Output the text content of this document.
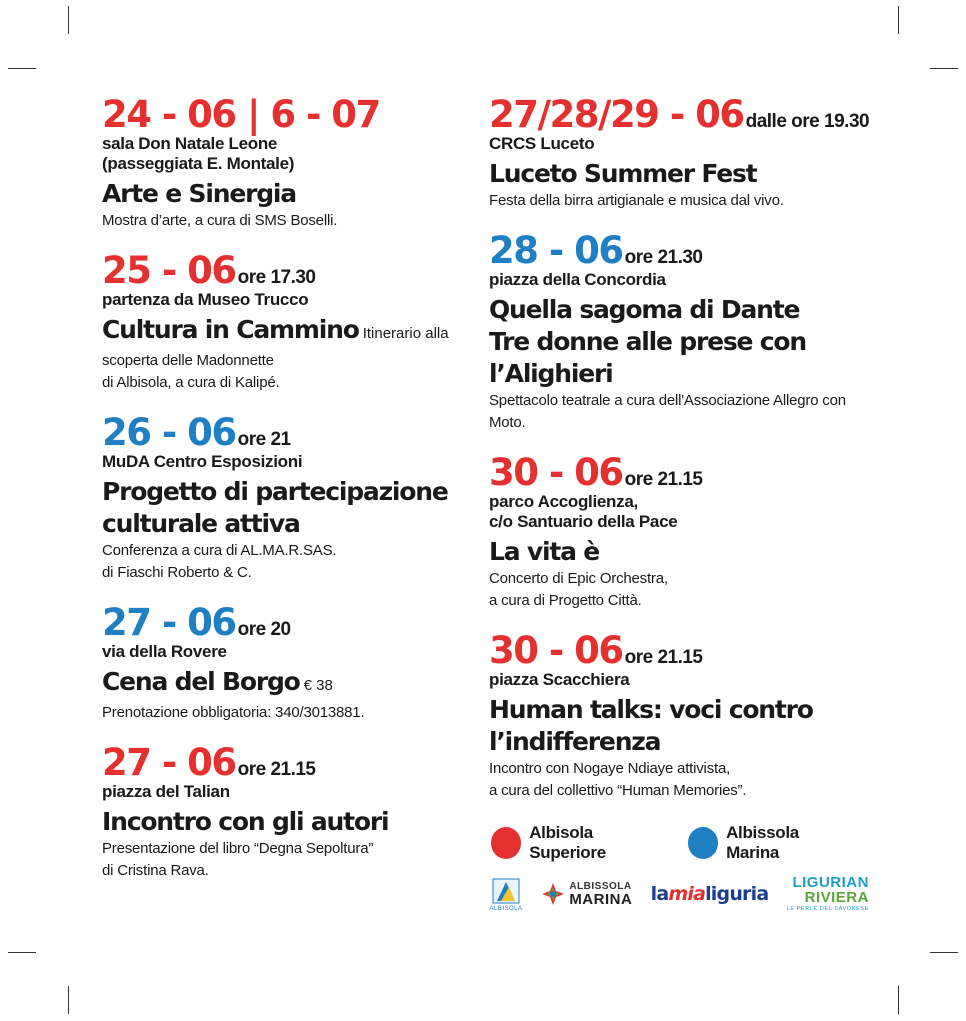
24 - 06 | 6 - 07
sala Don Natale Leone
(passeggiata E. Montale)
Arte e Sinergia
Mostra d’arte, a cura di SMS Boselli.
25 - 06 ore 17.30
partenza da Museo Trucco
Cultura in Cammino Itinerario alla
scoperta delle Madonnette
di Albisola, a cura di Kalipé.
26 - 06 ore 21
MuDA Centro Esposizioni
Progetto di partecipazione
culturale attiva
Conferenza a cura di AL.MA.R.SAS.
di Fiaschi Roberto & C.
27 - 06 ore 20
via della Rovere
Cena del Borgo € 38
Prenotazione obbligatoria: 340/3013881.
27 - 06 ore 21.15
piazza del Talian
Incontro con gli autori
Presentazione del libro “Degna Sepoltura”
di Cristina Rava.
27/28/29 - 06 dalle ore 19.30
CRCS Luceto
Luceto Summer Fest
Festa della birra artigianale e musica dal vivo.
28 - 06 ore 21.30
piazza della Concordia
Quella sagoma di Dante
Tre donne alle prese con
l’Alighieri
Spettacolo teatrale a cura dell'Associazione Allegro con
Moto.
30 - 06 ore 21.15
parco Accoglienza,
c/o Santuario della Pace
La vita è
Concerto di Epic Orchestra,
a cura di Progetto Città.
30 - 06 ore 21.15
piazza Scacchiera
Human talks: voci contro
l’indifferenza
Incontro con Nogaye Ndiaye attivista,
a cura del collettivo “Human Memories”.
Albisola Superiore
Albissola Marina
ALBISOLA
ALBISSOLA
MARINA la mia liguria
LIGURIAN
RIVIERA
LE PERLE DEL SAVONESE
